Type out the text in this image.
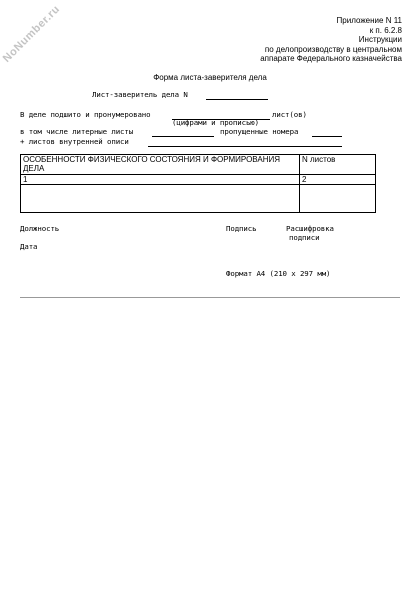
NoNumber.ru	Приложение N 11
к п. 6.2.8
Инструкции
по делопроизводству в центральном
аппарате Федерального казначейства
Форма листа-заверителя дела
Лист-заверитель дела N
В деле подшито и пронумеровано	лист(ов)
(цифрами и прописью)
в том числе литерные листы	пропущенные номера
+ листов внутренней описи
ОСОБЕННОСТИ ФИЗИЧЕСКОГО СОСТОЯНИЯ И ФОРМИРОВАНИЯ ДЕЛА	N листов
1	2

Должность	Подпись	Расшифровка
подписи
Дата
Формат А4 (210 x 297 мм)
